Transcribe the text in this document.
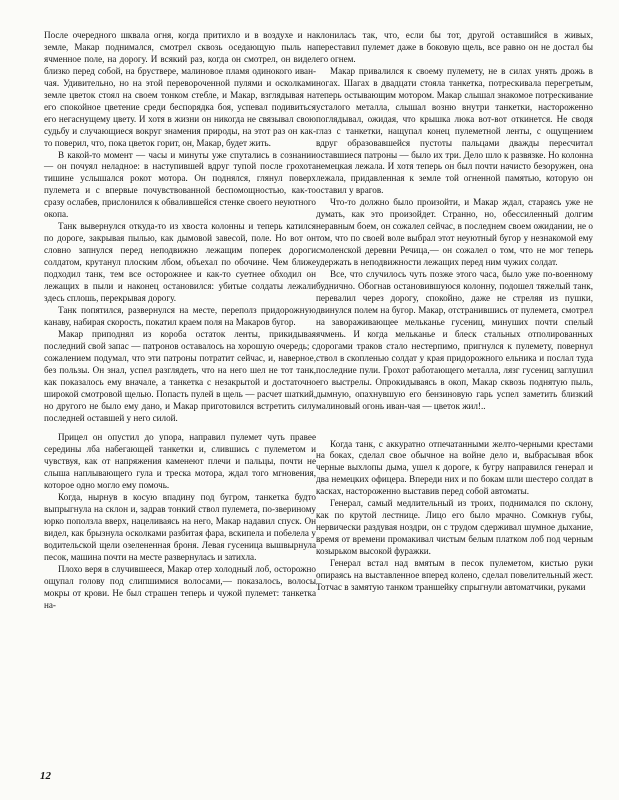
После очередного шквала огня, когда притихло и в воздухе и на земле, Макар поднимался, смотрел сквозь оседающую пыль на ячменное поле, на дорогу. И всякий раз, когда он смотрел, он видел близко перед собой, на бруствере, малиновое пламя одинокого иван-чая. Удивительно, но на этой перевороченной пулями и осколками земле цветок стоял на своем тонком стебле, и Макар, взглядывая на его спокойное цветение среди беспорядка боя, успевал подивиться его негаснущему цвету. И хотя в жизни он никогда не связывал свою судьбу и случающиеся вокруг знамения природы, на этот раз он как-то поверил, что, пока цветок горит, он, Макар, будет жить.

В какой-то момент — часы и минуты уже спутались в сознании — он почуял неладное: в наступившей вдруг тупой после грохота тишине услышался рокот мотора. Он поднялся, глянул поверх пулемета и с впервые почувствованной беспомощностью, как-то сразу ослабев, прислонился к обвалившейся стенке своего неуютного окопа.

Танк вывернулся откуда-то из хвоста колонны и теперь катился по дороге, закрывая пылью, как дымовой завесой, поле. Но вот он словно запнулся перед неподвижно лежащим поперек дороги солдатом, крутанул плоским лбом, объехал по обочине. Чем ближе подходил танк, тем все осторожнее и как-то суетнее обходил он лежащих в пыли и наконец остановился: убитые солдаты лежали здесь сплошь, перекрывая дорогу.

Танк попятился, развернулся на месте, переполз придорожную канаву, набирая скорость, покатил краем поля на Макаров бугор.

Макар приподнял из короба остаток ленты, прикидывая последний свой запас — патронов оставалось на хорошую очередь; с сожалением подумал, что эти патроны потратит сейчас, и, наверное, без пользы. Он знал, успел разглядеть, что на него шел не тот танк, как показалось ему вначале, а танкетка с незакрытой и достаточно широкой смотровой щелью. Попасть пулей в щель — расчет шаткий, но другого не было ему дано, и Макар приготовился встретить силу последней оставшей у него силой.

Прицел он опустил до упора, направил пулемет чуть правее середины лба набегающей танкетки и, слившись с пулеметом и чувствуя, как от напряжения каменеют плечи и пальцы, почти не слыша наплывающего гула и треска мотора, ждал того мгновения, которое одно могло ему помочь.

Когда, нырнув в косую впадину под бугром, танкетка будто выпрыгнула на склон и, задрав тонкий ствол пулемета, по-звериному юрко поползла вверх, нацеливаясь на него, Макар надавил спуск. Он видел, как брызнула осколками разбитая фара, вскипела и побелела у водительской щели озелененная броня. Левая гусеница вышвырнула песок, машина почти на месте развернулась и затихла.

Плохо веря в случившееся, Макар отер холодный лоб, осторожно ощупал голову под слипшимися волосами,— показалось, волосы мокры от крови. Не был страшен теперь и чужой пулемет: танкетка на-

клонилась так, что, если бы тот, другой оставшийся в живых, переставил пулемет даже в боковую щель, все равно он не достал бы его огнем.

Макар привалился к своему пулемету, не в силах унять дрожь в ногах. Шагах в двадцати стояла танкетка, потрескивала перегретым, теперь остывающим мотором. Макар слышал знакомое потрескивание усталого металла, слышал возню внутри танкетки, настороженно поглядывал, ожидая, что крышка люка вот-вот откинется. Не сводя глаз с танкетки, нащупал конец пулеметной ленты, с ощущением вдруг образовавшейся пустоты пальцами дважды пересчитал оставшиеся патроны — было их три. Дело шло к развязке. Но колонна немецкая лежала. И хотя теперь он был почти начисто безоружен, она лежала, придавленная к земле той огненной памятью, которую он оставил у врагов.

Что-то должно было произойти, и Макар ждал, стараясь уже не думать, как это произойдет. Странно, но, обессиленный долгим неравным боем, он сожалел сейчас, в последнем своем ожидании, не о том, что по своей воле выбрал этот неуютный бугор у незнакомой ему смоленской деревни Речица,— он сожалел о том, что не мог теперь удержать в неподвижности лежащих перед ним чужих солдат.

Все, что случилось чуть позже этого часа, было уже по-военному буднично. Обогнав остановившуюся колонну, подошел тяжелый танк, перевалил через дорогу, спокойно, даже не стреляя из пушки, двинулся полем на бугор. Макар, отстранившись от пулемета, смотрел на завораживающее мельканье гусениц, минуших почти спелый ячмень. И когда мельканье и блеск стальных отполированных дорогами траков стало нестерпимо, пригнулся к пулемету, повернул ствол в скопленью солдат у края придорожного ельника и послал туда последние пули. Грохот работающего металла, лязг гусениц заглушил его выстрелы. Опрокидываясь в окоп, Макар сквозь поднятую пыль, дымную, опахнувшую его бензиновую гарь успел заметить близкий малиновый огонь иван-чая — цветок жил!..

Когда танк, с аккуратно отпечатанными желто-черными крестами на боках, сделал свое обычное на войне дело и, выбрасывая вбок черные выхлопы дыма, ушел к дороге, к бугру направился генерал и два немецких офицера. Впереди них и по бокам шли шестеро солдат в касках, настороженно выставив перед собой автоматы.

Генерал, самый медлительный из троих, поднимался по склону, как по крутой лестнице. Лицо его было мрачно. Сомкнув губы, нервически раздувая ноздри, он с трудом сдерживал шумное дыхание, время от времени промакивал чистым белым платком лоб под черным козырьком высокой фуражки.

Генерал встал над вмятым в песок пулеметом, кистью руки опираясь на выставленное вперед колено, сделал повелительный жест. Тотчас в замятую танком траншейку спрыгнули автоматчики, руками

12
